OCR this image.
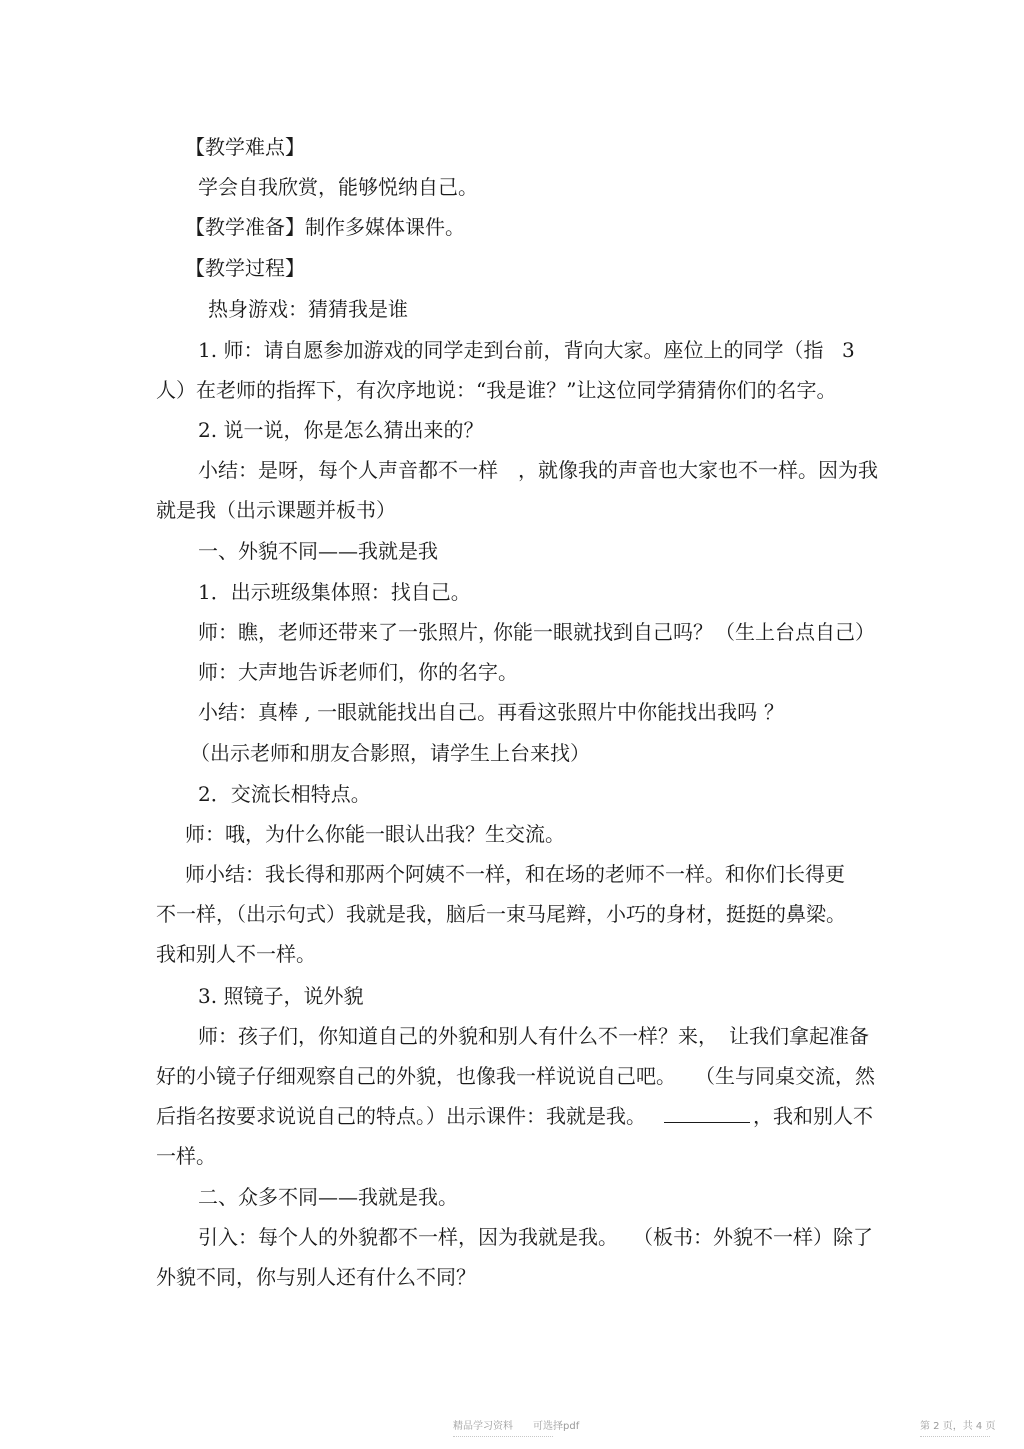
【教学难点】
学会自我欣赏，能够悦纳自己。
【教学准备】制作多媒体课件。
【教学过程】
热身游戏：猜猜我是谁
1. 师：请自愿参加游戏的同学走到台前，背向大家。座位上的同学（指 3
人）在老师的指挥下，有次序地说：“我是谁？”让这位同学猜猜你们的名字。
2. 说一说，你是怎么猜出来的？
小结：是呀，每个人声音都不一样　，就像我的声音也大家也不一样。因为我
就是我（出示课题并板书）
一、外貌不同——我就是我
1．出示班级集体照：找自己。
师：瞧，老师还带来了一张照片，
你能一眼就找到自己吗？ （生上台点自己）
师：大声地告诉老师们，你的名字。
小结：真棒 , 一眼就能找出自己。再看这张照片中你能找出我吗 ？
（出示老师和朋友合影照，请学生上台来找）
2．交流长相特点。
师：哦，为什么你能一眼认出我？生交流。
师小结：我长得和那两个阿姨不一样，和在场的老师不一样。和你们长得更
不一样，（出示句式）我就是我，脑后一束马尾辫，小巧的身材，挺挺的鼻梁。
我和别人不一样。
3. 照镜子，说外貌
师：孩子们，你知道自己的外貌和别人有什么不一样？来， 让我们拿起准备
好的小镜子仔细观察自己的外貌，也像我一样说说自己吧。 （生与同桌交流，然
后指名按要求说说自己的特点。）出示课件：我就是我。	，我和别人不
一样。
二、众多不同——我就是我。
引入：每个人的外貌都不一样，因为我就是我。 （板书：外貌不一样）除了
外貌不同，你与别人还有什么不同？
精品学习资料　　可选择pdf	第 2 页，共 4 页
